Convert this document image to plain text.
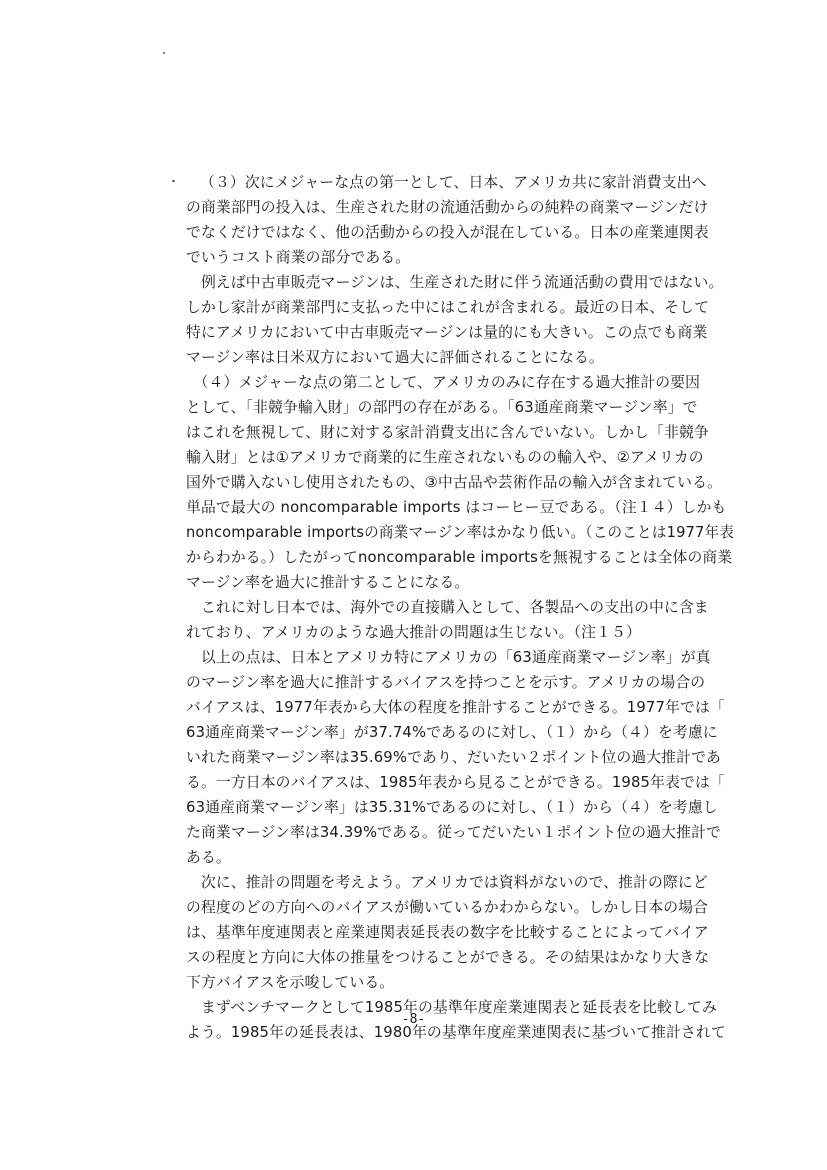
（３）次にメジャーな点の第一として、日本、アメリカ共に家計消費支出へ
の商業部門の投入は、生産された財の流通活動からの純粋の商業マージンだけ
でなくだけではなく、他の活動からの投入が混在している。日本の産業連関表
でいうコスト商業の部分である。
　例えば中古車販売マージンは、生産された財に伴う流通活動の費用ではない。
しかし家計が商業部門に支払った中にはこれが含まれる。最近の日本、そして
特にアメリカにおいて中古車販売マージンは量的にも大きい。この点でも商業
マージン率は日米双方において過大に評価されることになる。
　（４）メジャーな点の第二として、アメリカのみに存在する過大推計の要因
として、「非競争輸入財」の部門の存在がある。「63通産商業マージン率」で
はこれを無視して、財に対する家計消費支出に含んでいない。しかし「非競争
輸入財」とは①アメリカで商業的に生産されないものの輸入や、②アメリカの
国外で購入ないし使用されたもの、③中古品や芸術作品の輸入が含まれている。
単品で最大の noncomparable imports はコーヒー豆である。（注１４）しかも
noncomparable importsの商業マージン率はかなり低い。（このことは1977年表
からわかる。）したがってnoncomparable importsを無視することは全体の商業
マージン率を過大に推計することになる。
　これに対し日本では、海外での直接購入として、各製品への支出の中に含ま
れており、アメリカのような過大推計の問題は生じない。（注１５）
　以上の点は、日本とアメリカ特にアメリカの「63通産商業マージン率」が真
のマージン率を過大に推計するバイアスを持つことを示す。アメリカの場合の
バイアスは、1977年表から大体の程度を推計することができる。1977年では「
63通産商業マージン率」が37.74%であるのに対し、（１）から（４）を考慮に
いれた商業マージン率は35.69%であり、だいたい２ポイント位の過大推計であ
る。一方日本のバイアスは、1985年表から見ることができる。1985年表では「
63通産商業マージン率」は35.31%であるのに対し、（１）から（４）を考慮し
た商業マージン率は34.39%である。従ってだいたい１ポイント位の過大推計で
ある。
　次に、推計の問題を考えよう。アメリカでは資料がないので、推計の際にど
の程度のどの方向へのバイアスが働いているかわからない。しかし日本の場合
は、基準年度連関表と産業連関表延長表の数字を比較することによってバイア
スの程度と方向に大体の推量をつけることができる。その結果はかなり大きな
下方バイアスを示唆している。
　まずベンチマークとして1985年の基準年度産業連関表と延長表を比較してみ
よう。1985年の延長表は、1980年の基準年度産業連関表に基づいて推計されて
-8-
